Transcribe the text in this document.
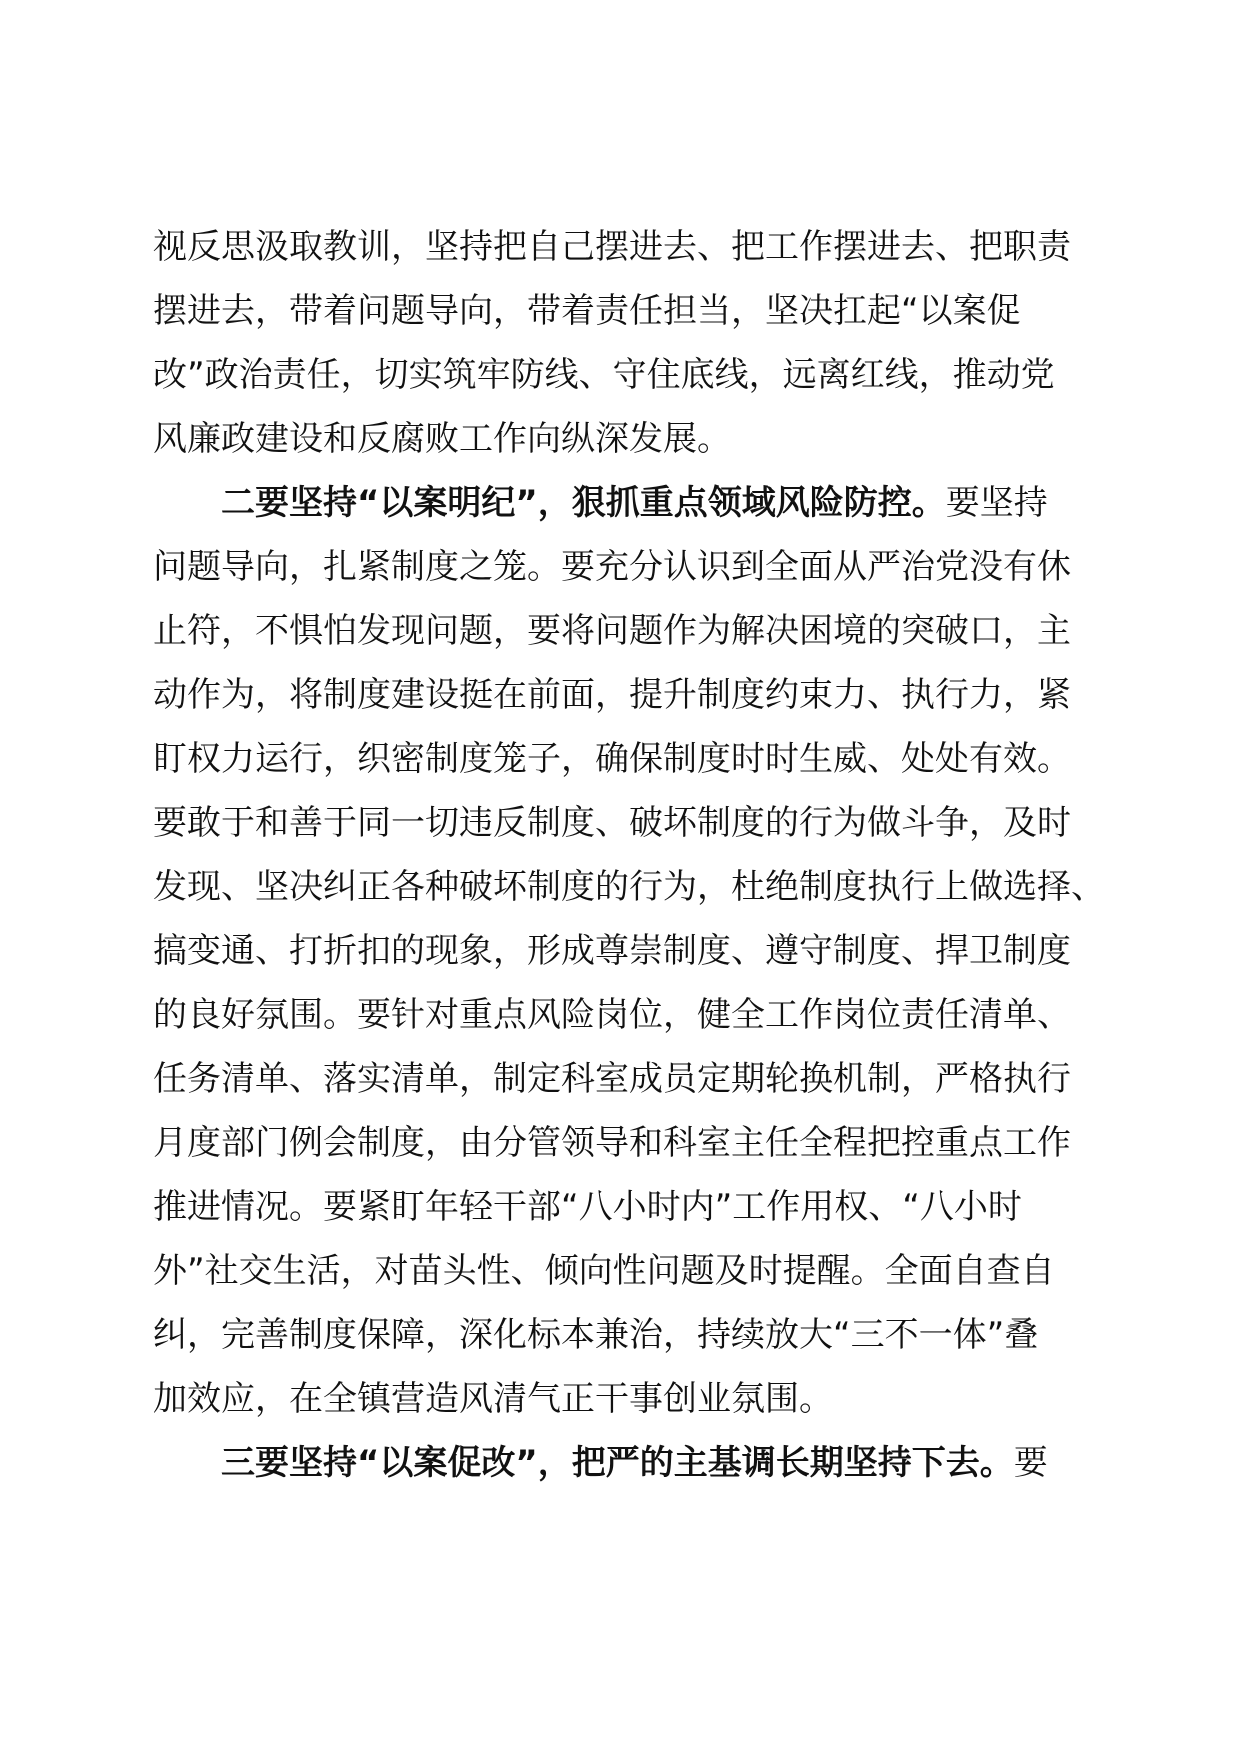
视反思汲取教训，坚持把自己摆进去、把工作摆进去、把职责
摆进去，带着问题导向，带着责任担当，坚决扛起“以案促
改”政治责任，切实筑牢防线、守住底线，远离红线，推动党
风廉政建设和反腐败工作向纵深发展。
二要坚持“以案明纪”，狠抓重点领域风险防控。要坚持
问题导向，扎紧制度之笼。要充分认识到全面从严治党没有休
止符，不惧怕发现问题，要将问题作为解决困境的突破口，主
动作为，将制度建设挺在前面，提升制度约束力、执行力，紧
盯权力运行，织密制度笼子，确保制度时时生威、处处有效。
要敢于和善于同一切违反制度、破坏制度的行为做斗争，及时
发现、坚决纠正各种破坏制度的行为，杜绝制度执行上做选择、
搞变通、打折扣的现象，形成尊崇制度、遵守制度、捍卫制度
的良好氛围。要针对重点风险岗位，健全工作岗位责任清单、
任务清单、落实清单，制定科室成员定期轮换机制，严格执行
月度部门例会制度，由分管领导和科室主任全程把控重点工作
推进情况。要紧盯年轻干部“八小时内”工作用权、“八小时
外”社交生活，对苗头性、倾向性问题及时提醒。全面自查自
纠，完善制度保障，深化标本兼治，持续放大“三不一体”叠
加效应，在全镇营造风清气正干事创业氛围。
三要坚持“以案促改”，把严的主基调长期坚持下去。要
